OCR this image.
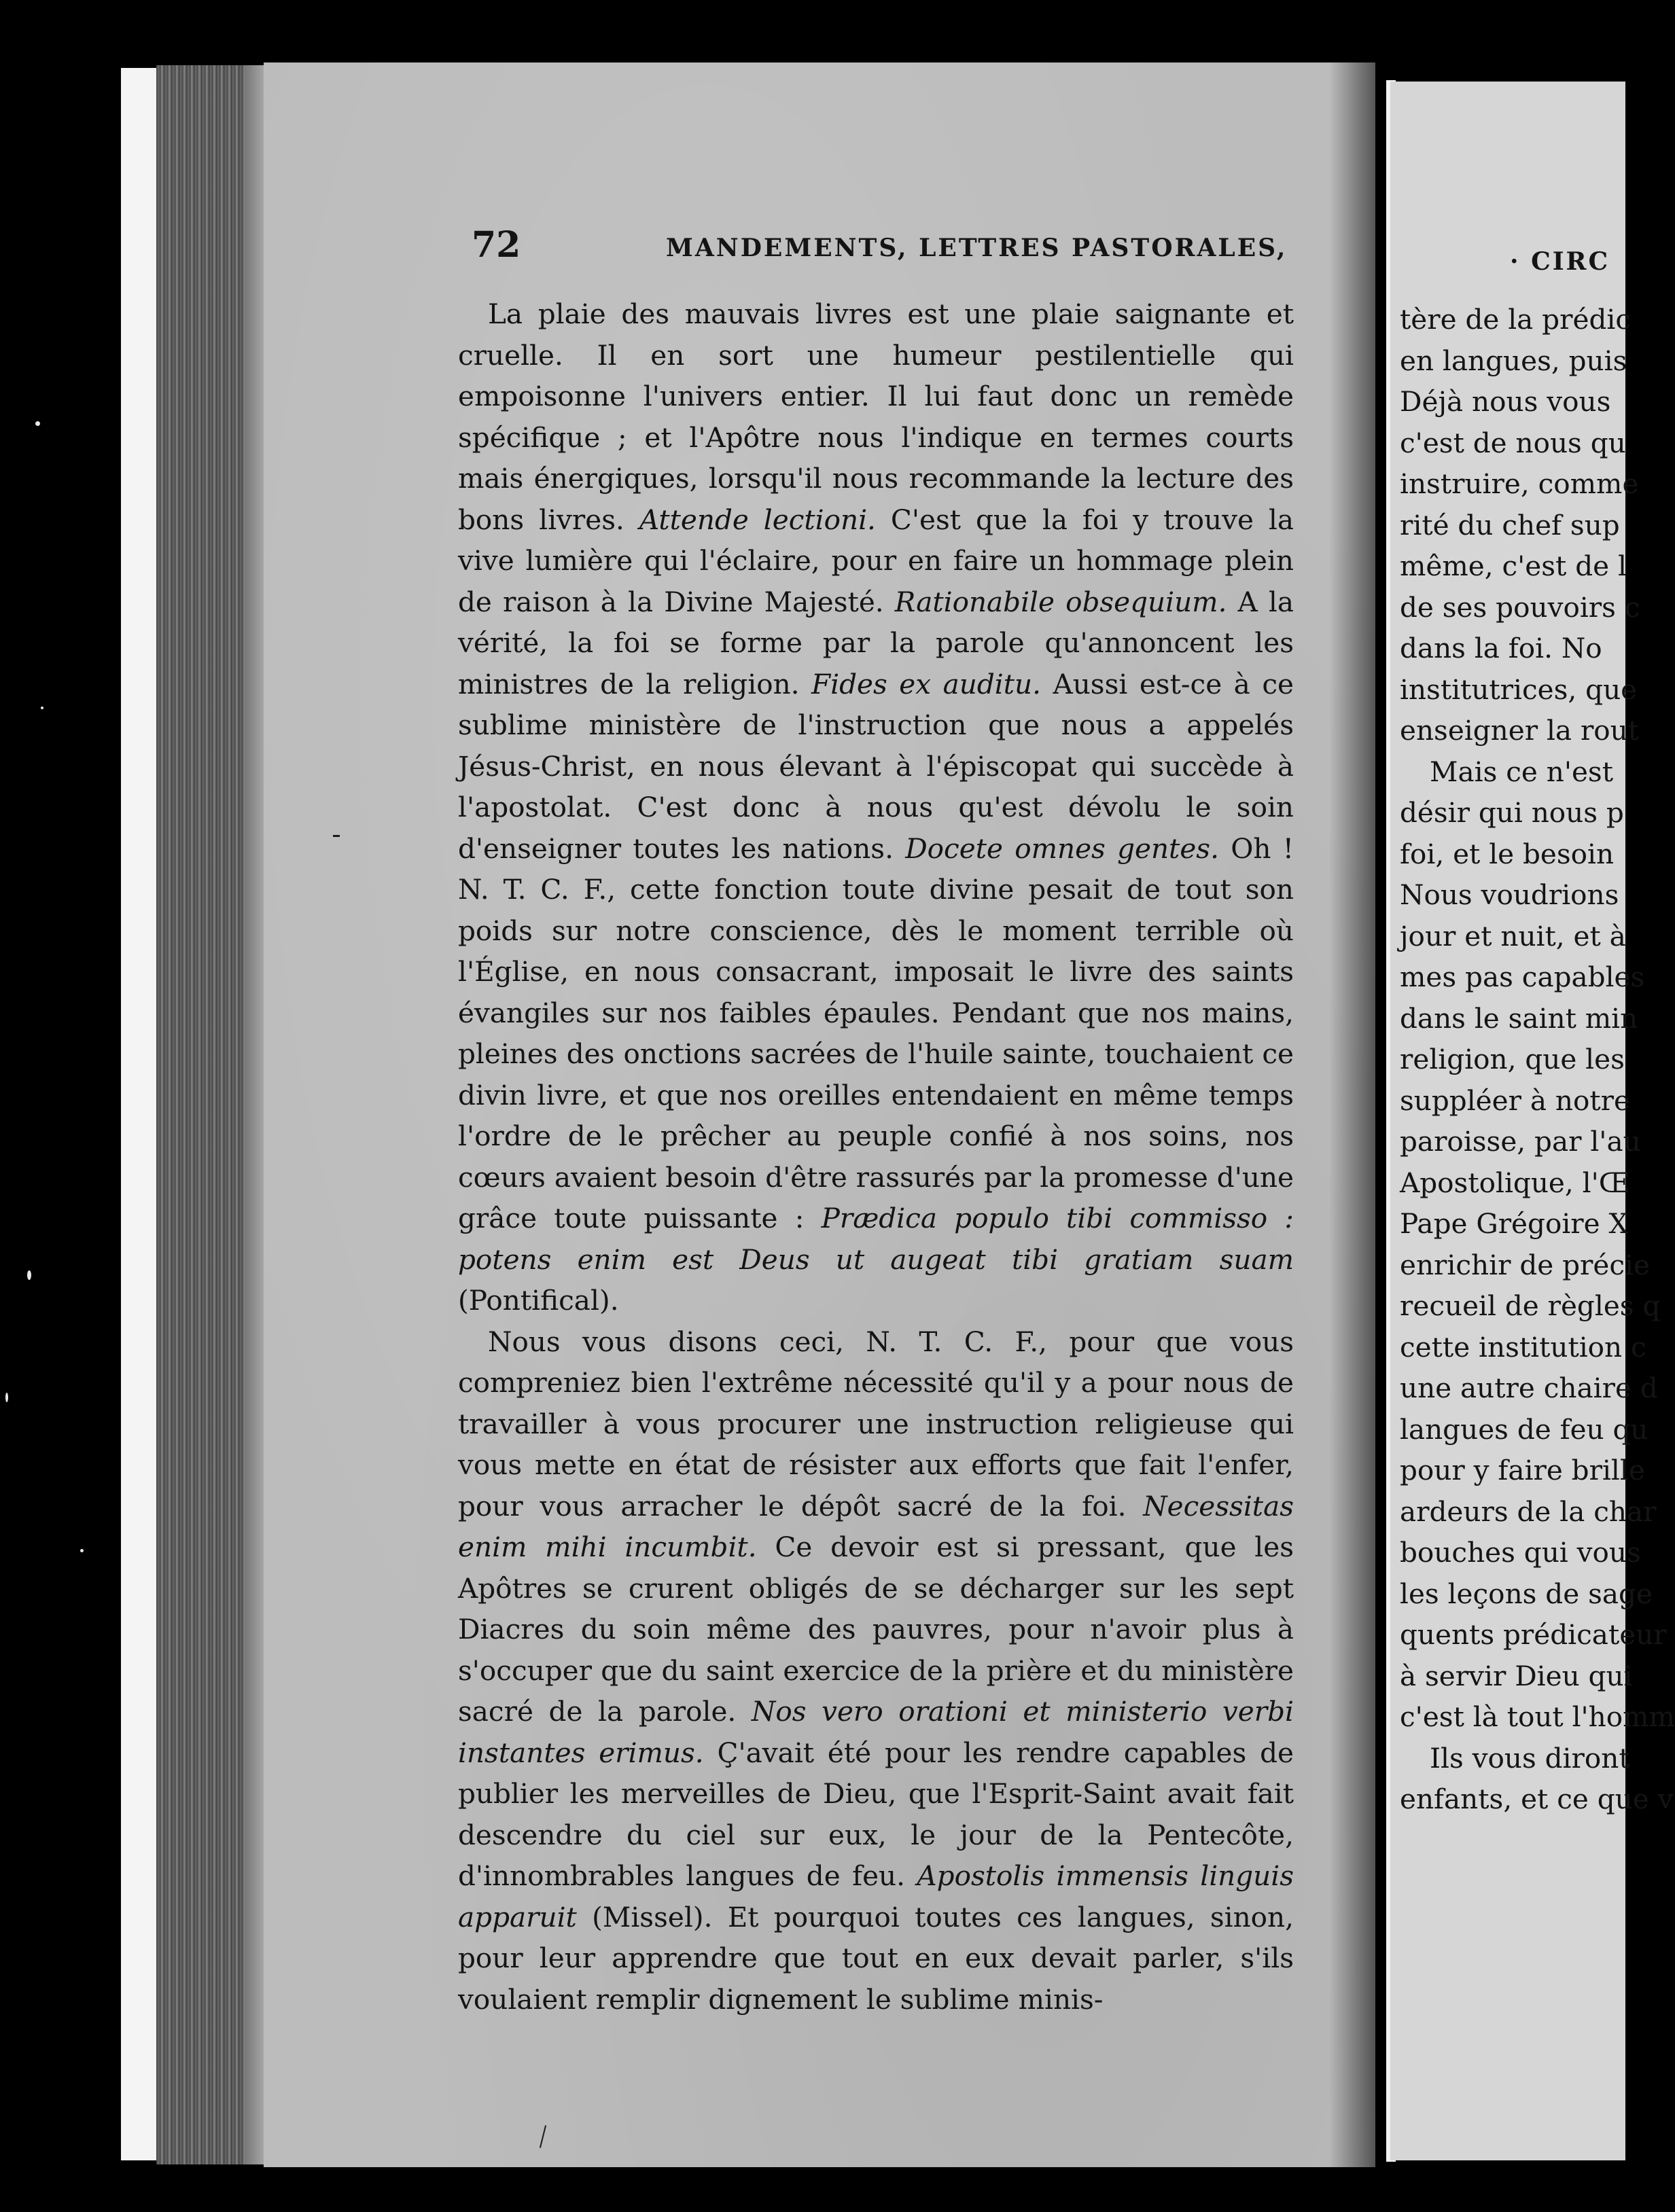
72	MANDEMENTS, LETTRES PASTORALES,

La plaie des mauvais livres est une plaie saignante et cruelle. Il en sort une humeur pestilentielle qui empoisonne l'univers entier. Il lui faut donc un remède spécifique ; et l'Apôtre nous l'indique en termes courts mais énergiques, lorsqu'il nous recommande la lecture des bons livres. Attende lectioni. C'est que la foi y trouve la vive lumière qui l'éclaire, pour en faire un hommage plein de raison à la Divine Majesté. Rationabile obsequium. A la vérité, la foi se forme par la parole qu'annoncent les ministres de la religion. Fides ex auditu. Aussi est-ce à ce sublime ministère de l'instruction que nous a appelés Jésus-Christ, en nous élevant à l'épiscopat qui succède à l'apostolat. C'est donc à nous qu'est dévolu le soin d'enseigner toutes les nations. Docete omnes gentes. Oh ! N. T. C. F., cette fonction toute divine pesait de tout son poids sur notre conscience, dès le moment terrible où l'Église, en nous consacrant, imposait le livre des saints évangiles sur nos faibles épaules. Pendant que nos mains, pleines des onctions sacrées de l'huile sainte, touchaient ce divin livre, et que nos oreilles entendaient en même temps l'ordre de le prêcher au peuple confié à nos soins, nos cœurs avaient besoin d'être rassurés par la promesse d'une grâce toute puissante : Prædica populo tibi commisso : potens enim est Deus ut augeat tibi gratiam suam (Pontifical).

Nous vous disons ceci, N. T. C. F., pour que vous compreniez bien l'extrême nécessité qu'il y a pour nous de travailler à vous procurer une instruction religieuse qui vous mette en état de résister aux efforts que fait l'enfer, pour vous arracher le dépôt sacré de la foi. Necessitas enim mihi incumbit. Ce devoir est si pressant, que les Apôtres se crurent obligés de se décharger sur les sept Diacres du soin même des pauvres, pour n'avoir plus à s'occuper que du saint exercice de la prière et du ministère sacré de la parole. Nos vero orationi et ministerio verbi instantes erimus. Ç'avait été pour les rendre capables de publier les merveilles de Dieu, que l'Esprit-Saint avait fait descendre du ciel sur eux, le jour de la Pentecôte, d'innombrables langues de feu. Apostolis immensis linguis apparuit (Missel). Et pourquoi toutes ces langues, sinon, pour leur apprendre que tout en eux devait parler, s'ils voulaient remplir dignement le sublime minis-

· CIRC
tère de la prédic
en langues, puis
Déjà nous vous
c'est de nous qu
instruire, comme
rité du chef sup
même, c'est de l
de ses pouvoirs c
dans la foi. No
institutrices, que
enseigner la rout
Mais ce n'est
désir qui nous p
foi, et le besoin
Nous voudrions
jour et nuit, et à
mes pas capables
dans le saint min
religion, que les
suppléer à notre
paroisse, par l'au
Apostolique, l'Œ
Pape Grégoire X
enrichir de précie
recueil de règles q
cette institution c
une autre chaire d
langues de feu qu
pour y faire brille
ardeurs de la char
bouches qui vous
les leçons de sage
quents prédicateur
à servir Dieu qui
c'est là tout l'homm
Ils vous diront
enfants, et ce que v
